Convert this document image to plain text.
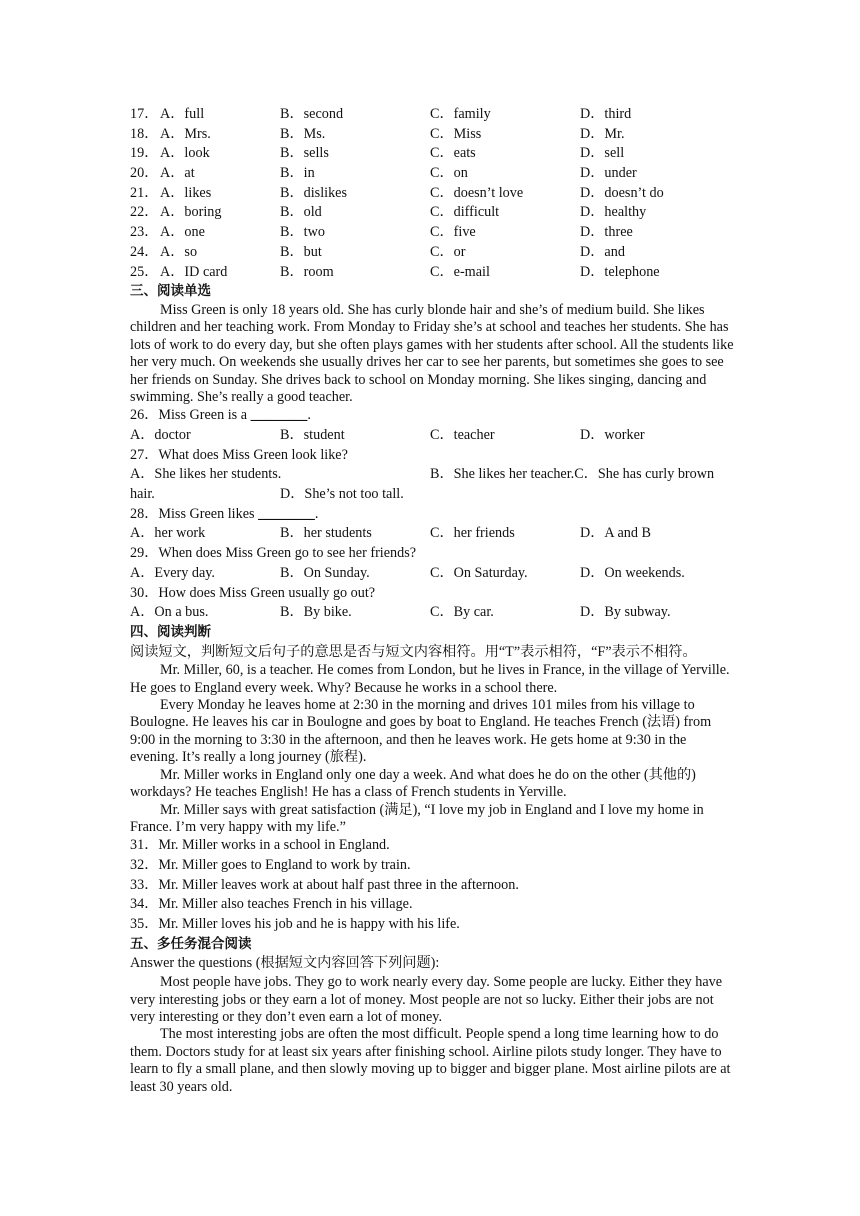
17． A．full	B．second	C．family	D．third
18． A．Mrs.	B．Ms.	C．Miss	D．Mr.
19． A．look	B．sells	C．eats	D．sell
20． A．at	B．in	C．on	D．under
21． A．likes	B．dislikes	C．doesn’t love	D．doesn’t do
22． A．boring	B．old	C．difficult	D．healthy
23． A．one	B．two	C．five	D．three
24． A．so	B．but	C．or	D．and
25． A．ID card	B．room	C．e-mail	D．telephone
三、阅读单选

Miss Green is only 18 years old. She has curly blonde hair and she’s of medium build. She likes children and her teaching work. From Monday to Friday she’s at school and teaches her students. She has lots of work to do every day, but she often plays games with her students after school. All the students like her very much. On weekends she usually drives her car to see her parents, but sometimes she goes to see her friends on Sunday. She drives back to school on Monday morning. She likes singing, dancing and swimming. She’s really a good teacher.

26．Miss Green is a ________.
A．doctor	B．student	C．teacher	D．worker
27．What does Miss Green look like?
A．She likes her students.	B．She likes her teacher.C．She has curly brown
hair.	D．She’s not too tall.
28．Miss Green likes ________.
A．her work	B．her students	C．her friends	D．A and B
29．When does Miss Green go to see her friends?
A．Every day.	B．On Sunday.	C．On Saturday.	D．On weekends.
30．How does Miss Green usually go out?
A．On a bus.	B．By bike.	C．By car.	D．By subway.
四、阅读判断
阅读短文，判断短文后句子的意思是否与短文内容相符。用“T”表示相符，“F”表示不相符。

Mr. Miller, 60, is a teacher. He comes from London, but he lives in France, in the village of Yerville. He goes to England every week. Why? Because he works in a school there.

Every Monday he leaves home at 2:30 in the morning and drives 101 miles from his village to Boulogne. He leaves his car in Boulogne and goes by boat to England. He teaches French (法语) from 9:00 in the morning to 3:30 in the afternoon, and then he leaves work. He gets home at 9:30 in the evening. It’s really a long journey (旅程).

Mr. Miller works in England only one day a week. And what does he do on the other (其他的) workdays? He teaches English! He has a class of French students in Yerville.

Mr. Miller says with great satisfaction (满足), “I love my job in England and I love my home in France. I’m very happy with my life.”

31．Mr. Miller works in a school in England.
32．Mr. Miller goes to England to work by train.
33．Mr. Miller leaves work at about half past three in the afternoon.
34．Mr. Miller also teaches French in his village.
35．Mr. Miller loves his job and he is happy with his life.
五、多任务混合阅读
Answer the questions (根据短文内容回答下列问题):

Most people have jobs. They go to work nearly every day. Some people are lucky. Either they have very interesting jobs or they earn a lot of money. Most people are not so lucky. Either their jobs are not very interesting or they don’t even earn a lot of money.

The most interesting jobs are often the most difficult. People spend a long time learning how to do them. Doctors study for at least six years after finishing school. Airline pilots study longer. They have to learn to fly a small plane, and then slowly moving up to bigger and bigger plane. Most airline pilots are at least 30 years old.
